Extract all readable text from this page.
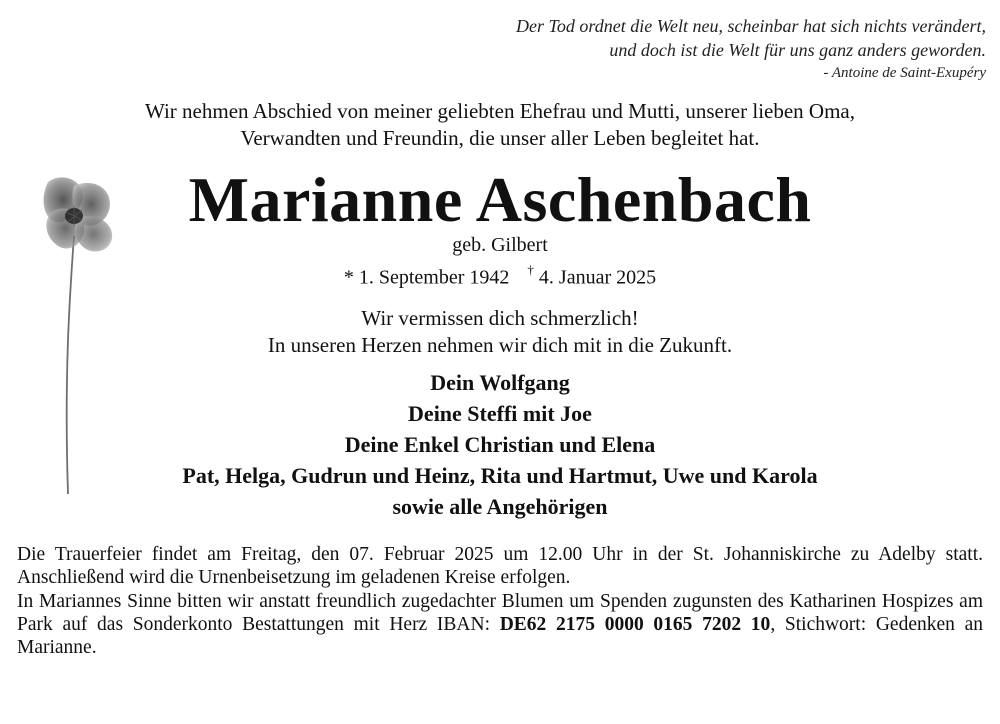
Der Tod ordnet die Welt neu, scheinbar hat sich nichts verändert,
und doch ist die Welt für uns ganz anders geworden.
- Antoine de Saint-Exupéry
Wir nehmen Abschied von meiner geliebten Ehefrau und Mutti, unserer lieben Oma,
Verwandten und Freundin, die unser aller Leben begleitet hat.
Marianne Aschenbach
geb. Gilbert
* 1. September 1942 † 4. Januar 2025
Wir vermissen dich schmerzlich!
In unseren Herzen nehmen wir dich mit in die Zukunft.
Dein Wolfgang
Deine Steffi mit Joe
Deine Enkel Christian und Elena
Pat, Helga, Gudrun und Heinz, Rita und Hartmut, Uwe und Karola
sowie alle Angehörigen

Die Trauerfeier findet am Freitag, den 07. Februar 2025 um 12.00 Uhr in der St. Johanniskirche zu Adelby statt. Anschließend wird die Urnenbeisetzung im geladenen Kreise erfolgen.

In Mariannes Sinne bitten wir anstatt freundlich zugedachter Blumen um Spenden zugunsten des Katharinen Hospizes am Park auf das Sonderkonto Bestattungen mit Herz IBAN: DE62 2175 0000 0165 7202 10, Stichwort: Gedenken an Marianne.
